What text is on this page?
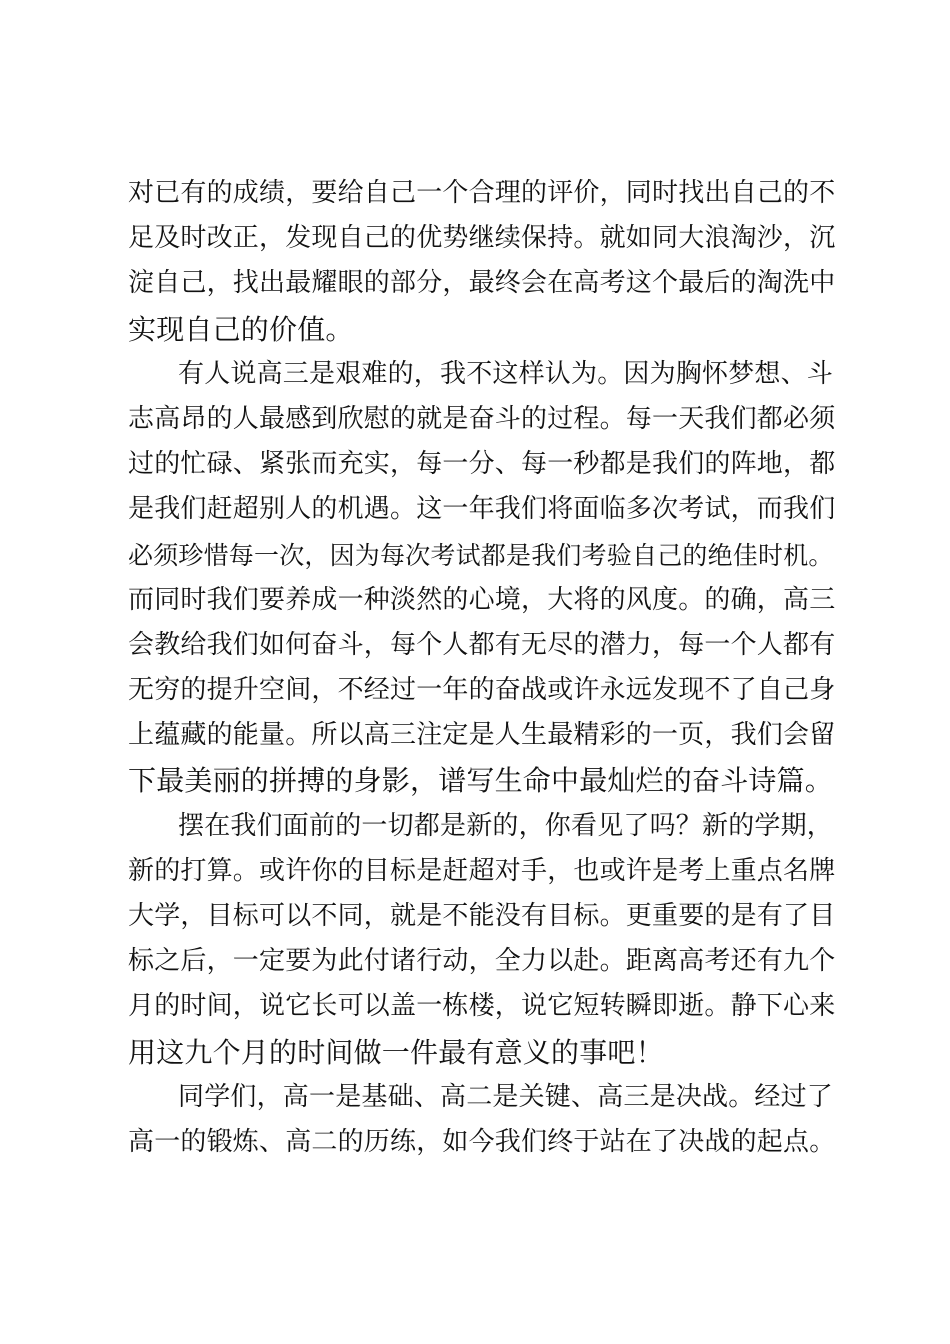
对已有的成绩，要给自己一个合理的评价，同时找出自己的不
足及时改正，发现自己的优势继续保持。就如同大浪淘沙，沉
淀自己，找出最耀眼的部分，最终会在高考这个最后的淘洗中
实现自己的价值。
有人说高三是艰难的，我不这样认为。因为胸怀梦想、斗
志高昂的人最感到欣慰的就是奋斗的过程。每一天我们都必须
过的忙碌、紧张而充实，每一分、每一秒都是我们的阵地，都
是我们赶超别人的机遇。这一年我们将面临多次考试，而我们
必须珍惜每一次，因为每次考试都是我们考验自己的绝佳时机。
而同时我们要养成一种淡然的心境，大将的风度。的确，高三
会教给我们如何奋斗，每个人都有无尽的潜力，每一个人都有
无穷的提升空间，不经过一年的奋战或许永远发现不了自己身
上蕴藏的能量。所以高三注定是人生最精彩的一页，我们会留
下最美丽的拼搏的身影，谱写生命中最灿烂的奋斗诗篇。
摆在我们面前的一切都是新的，你看见了吗？新的学期，
新的打算。或许你的目标是赶超对手，也或许是考上重点名牌
大学，目标可以不同，就是不能没有目标。更重要的是有了目
标之后，一定要为此付诸行动，全力以赴。距离高考还有九个
月的时间，说它长可以盖一栋楼，说它短转瞬即逝。静下心来
用这九个月的时间做一件最有意义的事吧！
同学们，高一是基础、高二是关键、高三是决战。经过了
高一的锻炼、高二的历练，如今我们终于站在了决战的起点。
